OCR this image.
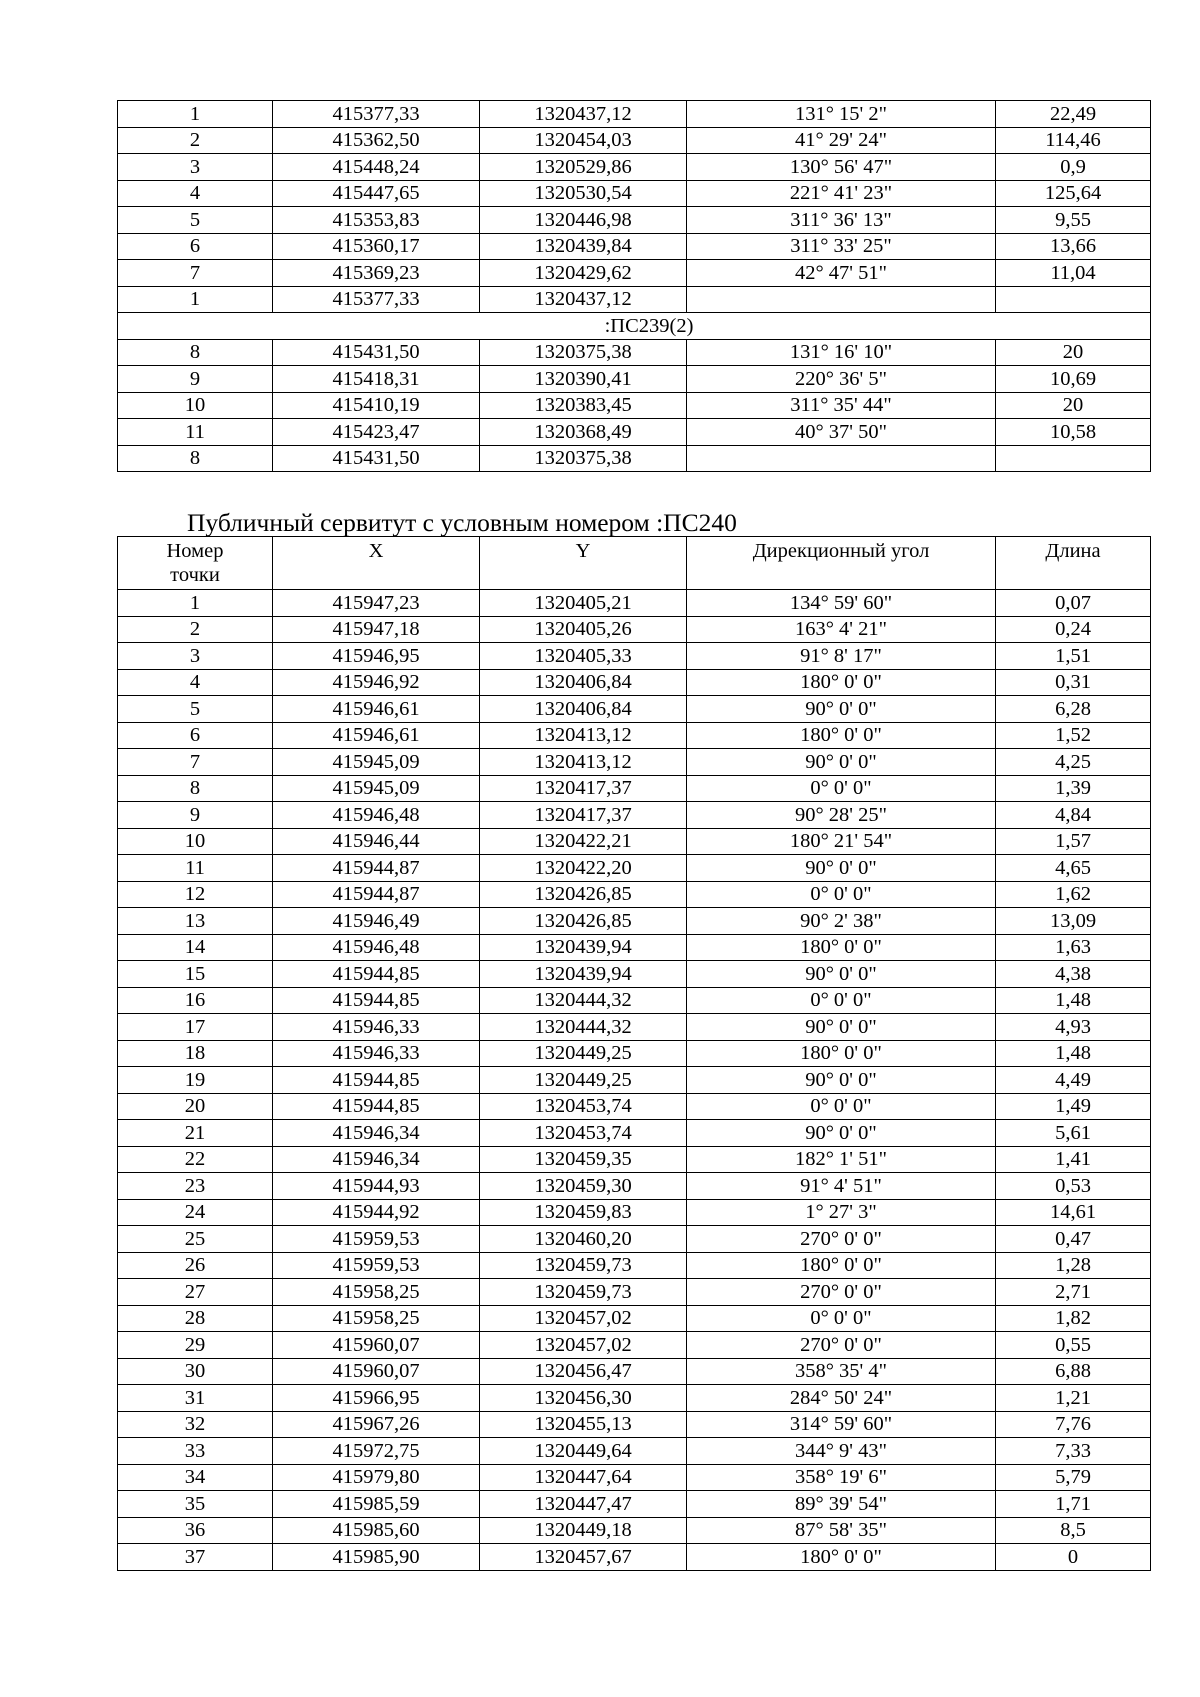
1	415377,33	1320437,12	131° 15' 2"	22,49
2	415362,50	1320454,03	41° 29' 24"	114,46
3	415448,24	1320529,86	130° 56' 47"	0,9
4	415447,65	1320530,54	221° 41' 23"	125,64
5	415353,83	1320446,98	311° 36' 13"	9,55
6	415360,17	1320439,84	311° 33' 25"	13,66
7	415369,23	1320429,62	42° 47' 51"	11,04
1	415377,33	1320437,12		
:ПС239(2)				
8	415431,50	1320375,38	131° 16' 10"	20
9	415418,31	1320390,41	220° 36' 5"	10,69
10	415410,19	1320383,45	311° 35' 44"	20
11	415423,47	1320368,49	40° 37' 50"	10,58
8	415431,50	1320375,38		
Публичный сервитут с условным номером :ПС240
Номер
точки	X	Y	Дирекционный угол	Длина
1	415947,23	1320405,21	134° 59' 60"	0,07
2	415947,18	1320405,26	163° 4' 21"	0,24
3	415946,95	1320405,33	91° 8' 17"	1,51
4	415946,92	1320406,84	180° 0' 0"	0,31
5	415946,61	1320406,84	90° 0' 0"	6,28
6	415946,61	1320413,12	180° 0' 0"	1,52
7	415945,09	1320413,12	90° 0' 0"	4,25
8	415945,09	1320417,37	0° 0' 0"	1,39
9	415946,48	1320417,37	90° 28' 25"	4,84
10	415946,44	1320422,21	180° 21' 54"	1,57
11	415944,87	1320422,20	90° 0' 0"	4,65
12	415944,87	1320426,85	0° 0' 0"	1,62
13	415946,49	1320426,85	90° 2' 38"	13,09
14	415946,48	1320439,94	180° 0' 0"	1,63
15	415944,85	1320439,94	90° 0' 0"	4,38
16	415944,85	1320444,32	0° 0' 0"	1,48
17	415946,33	1320444,32	90° 0' 0"	4,93
18	415946,33	1320449,25	180° 0' 0"	1,48
19	415944,85	1320449,25	90° 0' 0"	4,49
20	415944,85	1320453,74	0° 0' 0"	1,49
21	415946,34	1320453,74	90° 0' 0"	5,61
22	415946,34	1320459,35	182° 1' 51"	1,41
23	415944,93	1320459,30	91° 4' 51"	0,53
24	415944,92	1320459,83	1° 27' 3"	14,61
25	415959,53	1320460,20	270° 0' 0"	0,47
26	415959,53	1320459,73	180° 0' 0"	1,28
27	415958,25	1320459,73	270° 0' 0"	2,71
28	415958,25	1320457,02	0° 0' 0"	1,82
29	415960,07	1320457,02	270° 0' 0"	0,55
30	415960,07	1320456,47	358° 35' 4"	6,88
31	415966,95	1320456,30	284° 50' 24"	1,21
32	415967,26	1320455,13	314° 59' 60"	7,76
33	415972,75	1320449,64	344° 9' 43"	7,33
34	415979,80	1320447,64	358° 19' 6"	5,79
35	415985,59	1320447,47	89° 39' 54"	1,71
36	415985,60	1320449,18	87° 58' 35"	8,5
37	415985,90	1320457,67	180° 0' 0"	0
